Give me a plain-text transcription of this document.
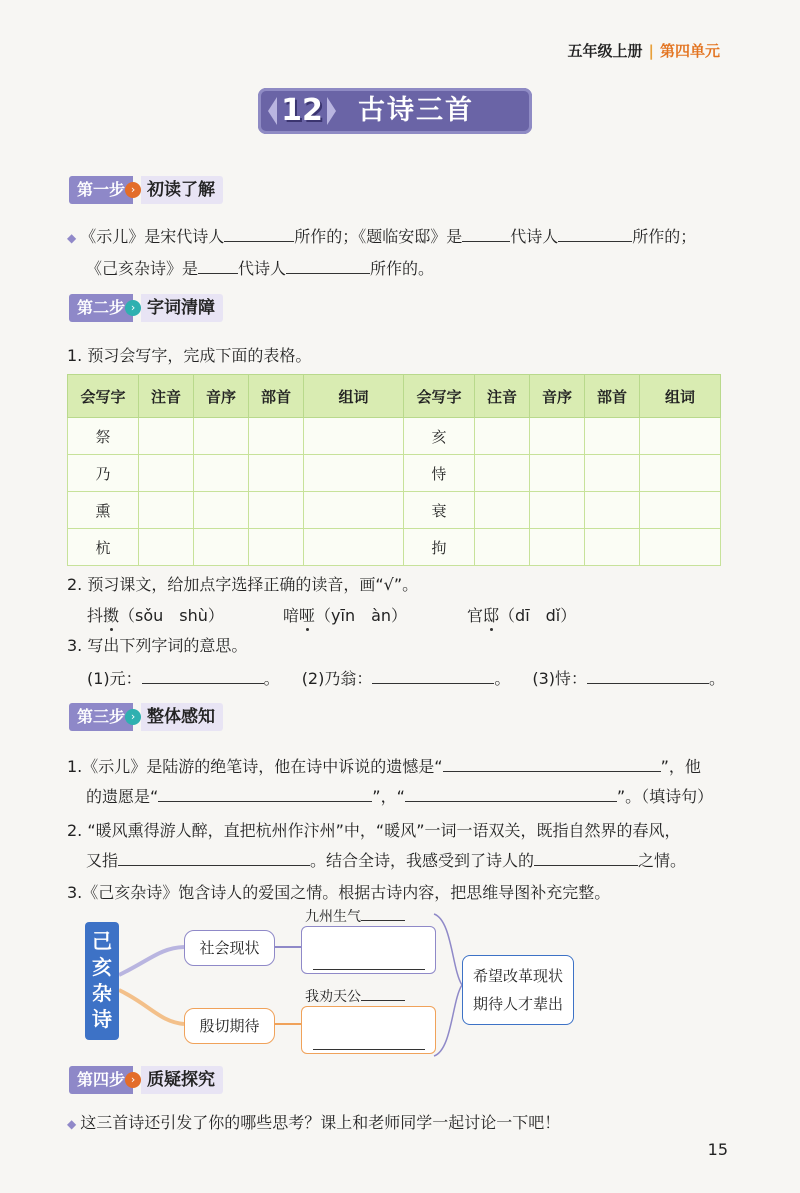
五年级上册 | 第四单元
12	古诗三首
第一步 › 初读了解
◆ 《示儿》是宋代诗人	所作的；《题临安邸》是	代诗人	所作的；
《己亥杂诗》是	代诗人	所作的。
第二步 › 字词清障
1. 预习会写字，完成下面的表格。
会写字	注音	音序	部首	组词	会写字	注音	音序	部首	组词
祭					亥				
乃					恃				
熏					衰				
杭					拘				
2. 预习课文，给加点字选择正确的读音，画“√”。
抖擞（sǒu　shù）	喑哑（yīn　àn）	官邸（dī　dǐ）
3. 写出下列字词的意思。
(1)元：	。 (2)乃翁：	。 (3)恃：	。
第三步 › 整体感知
1.《示儿》是陆游的绝笔诗，他在诗中诉说的遗憾是“	”，他
的遗愿是“	”，“	”。（填诗句）
2. “暖风熏得游人醉，直把杭州作汴州”中，“暖风”一词一语双关，既指自然界的春风，
又指	。结合全诗，我感受到了诗人的	之情。
3.《己亥杂诗》饱含诗人的爱国之情。根据古诗内容，把思维导图补充完整。
己亥杂诗
社会现状
殷切期待
九州生气
我劝天公
希望改革现状
期待人才辈出
第四步 › 质疑探究
◆ 这三首诗还引发了你的哪些思考？课上和老师同学一起讨论一下吧！
15
